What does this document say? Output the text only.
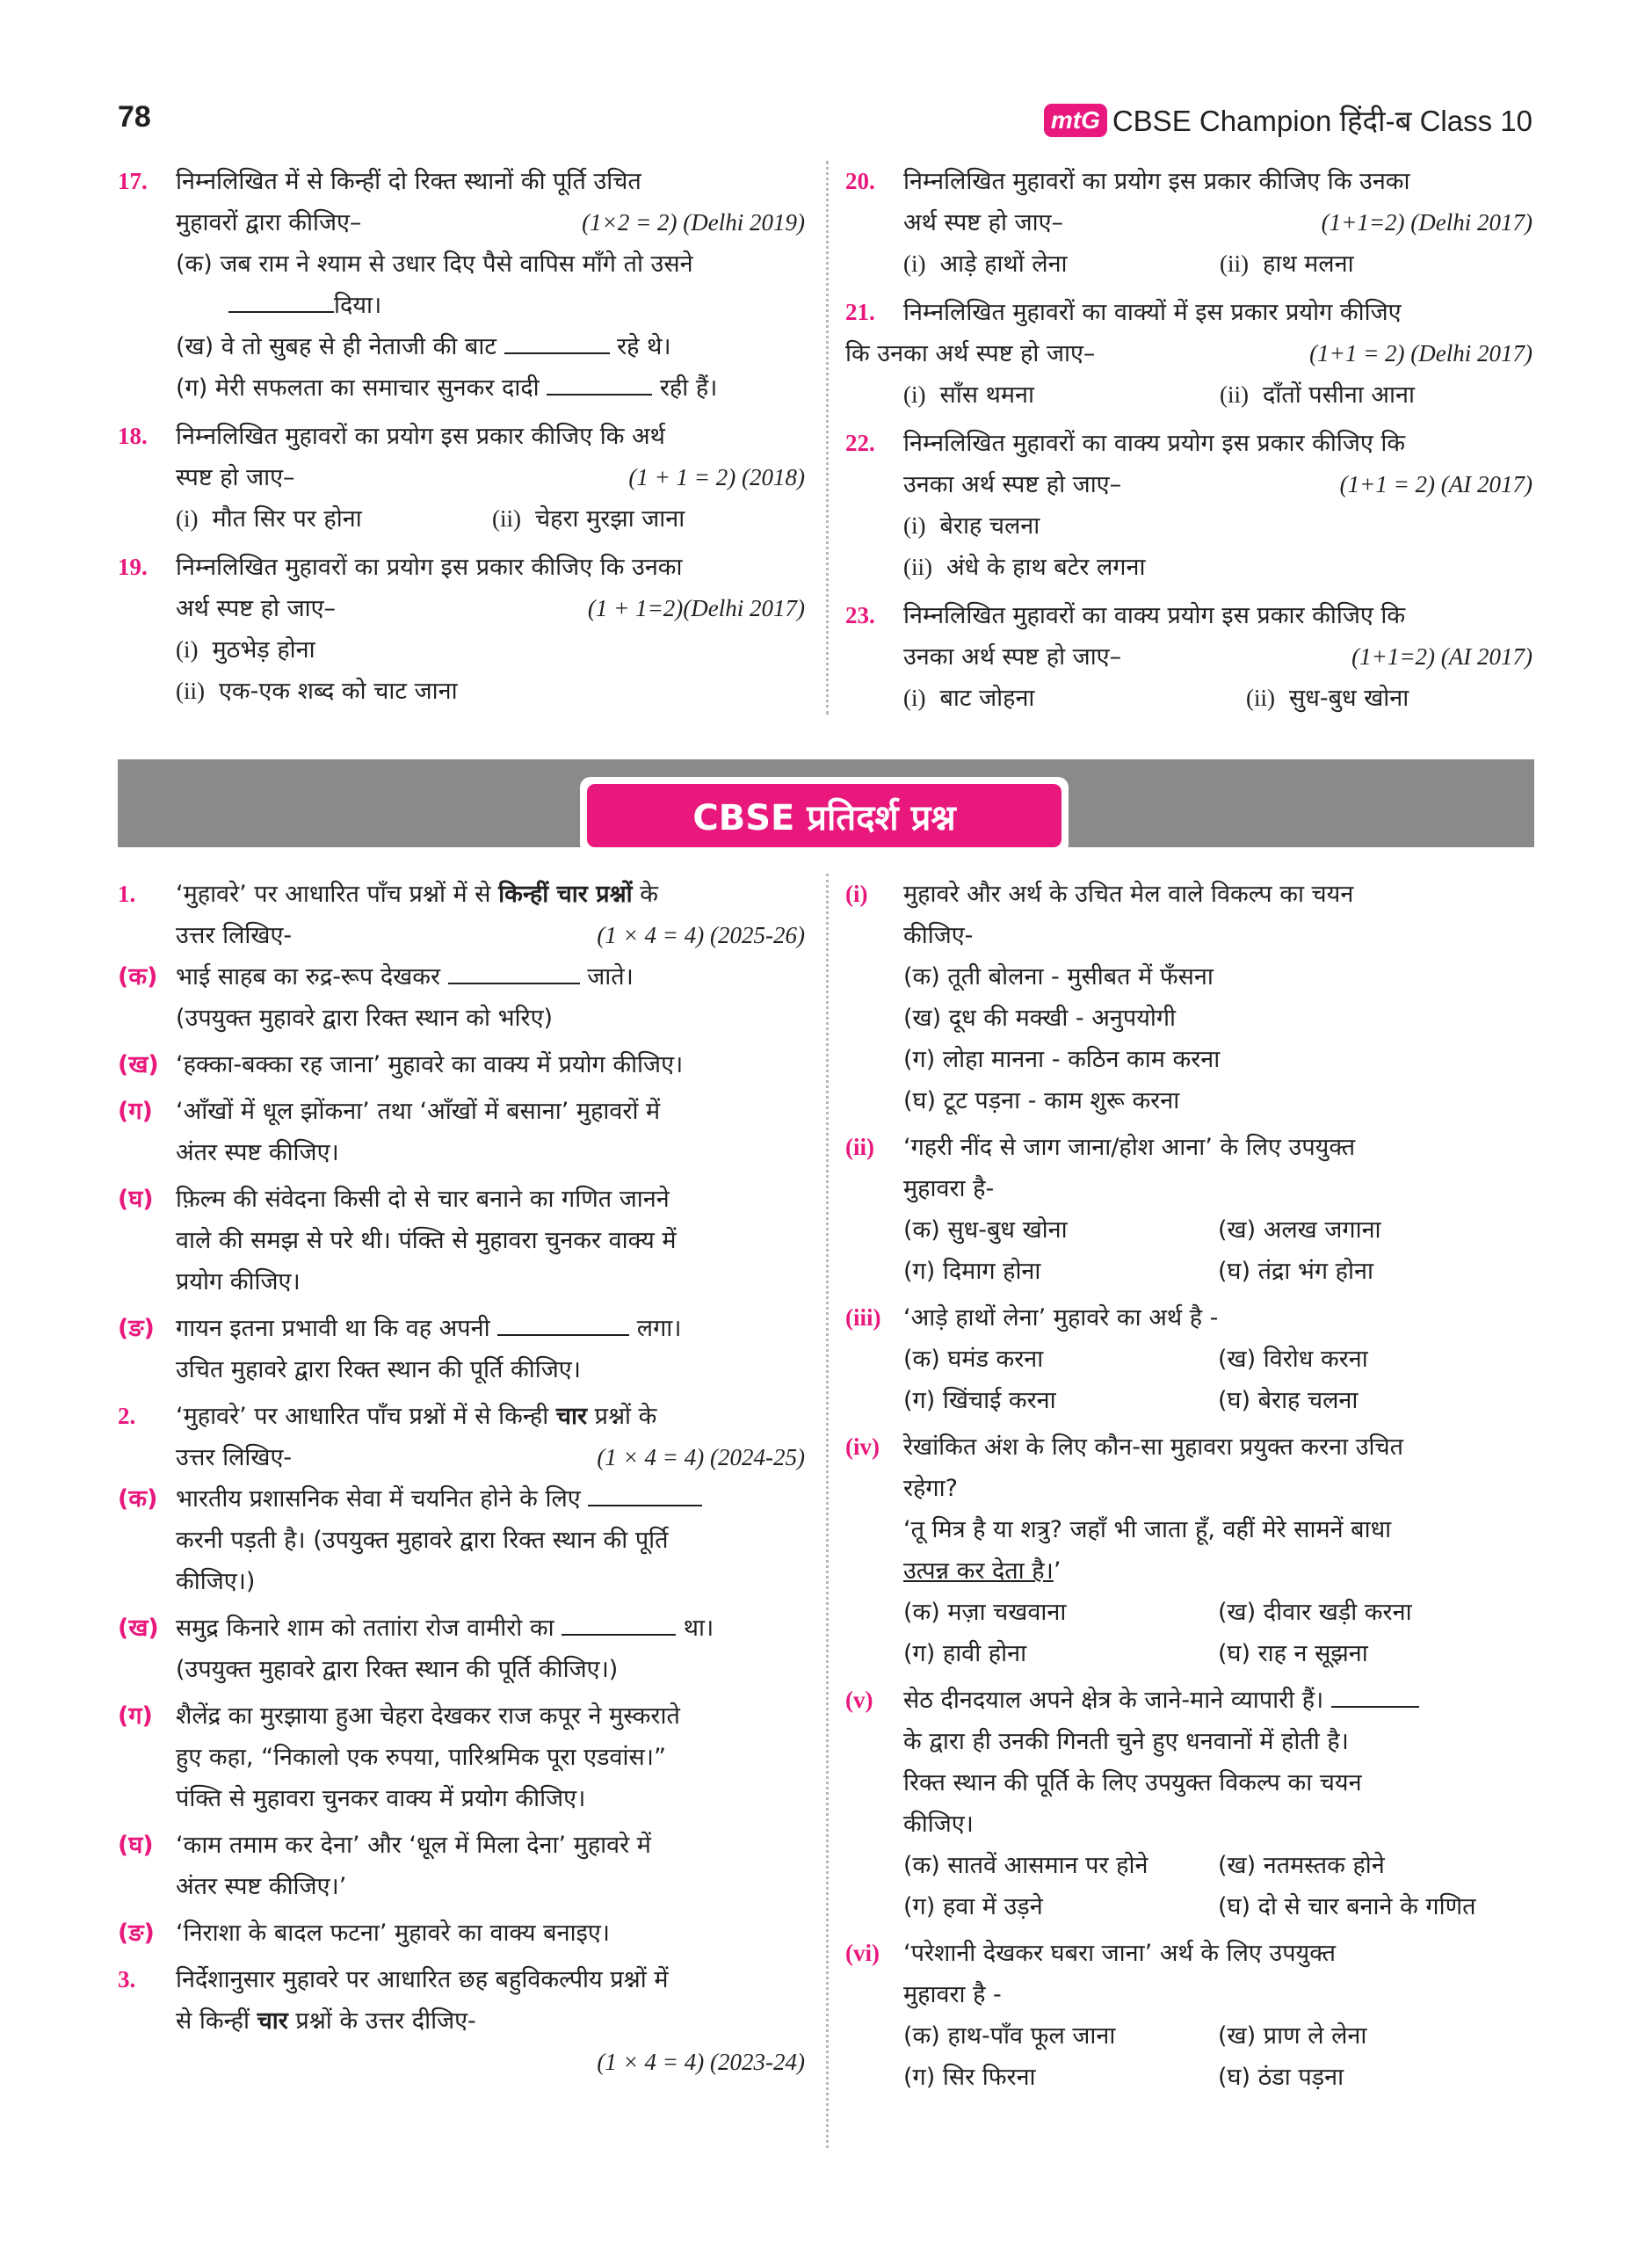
78	mtG CBSE Champion हिंदी-ब Class 10
17. निम्नलिखित में से किन्हीं दो रिक्त स्थानों की पूर्ति उचित
मुहावरों द्वारा कीजिए–	(1×2 = 2) (Delhi 2019)
(क) जब राम ने श्याम से उधार दिए पैसे वापिस माँगे तो उसने
दिया।
(ख) वे तो सुबह से ही नेताजी की बाट	रहे थे।
(ग) मेरी सफलता का समाचार सुनकर दादी	रही हैं।
18. निम्नलिखित मुहावरों का प्रयोग इस प्रकार कीजिए कि अर्थ
स्पष्ट हो जाए–	(1 + 1 = 2) (2018)
(i) मौत सिर पर होना	(ii) चेहरा मुरझा जाना
19. निम्नलिखित मुहावरों का प्रयोग इस प्रकार कीजिए कि उनका
अर्थ स्पष्ट हो जाए–	(1 + 1=2)(Delhi 2017)
(i) मुठभेड़ होना
(ii) एक-एक शब्द को चाट जाना
20. निम्नलिखित मुहावरों का प्रयोग इस प्रकार कीजिए कि उनका
अर्थ स्पष्ट हो जाए–	(1+1=2) (Delhi 2017)
(i) आड़े हाथों लेना	(ii) हाथ मलना
21. निम्नलिखित मुहावरों का वाक्यों में इस प्रकार प्रयोग कीजिए
कि उनका अर्थ स्पष्ट हो जाए–	(1+1 = 2) (Delhi 2017)
(i) साँस थमना	(ii) दाँतों पसीना आना
22. निम्नलिखित मुहावरों का वाक्य प्रयोग इस प्रकार कीजिए कि
उनका अर्थ स्पष्ट हो जाए–	(1+1 = 2) (AI 2017)
(i) बेराह चलना
(ii) अंधे के हाथ बटेर लगना
23. निम्नलिखित मुहावरों का वाक्य प्रयोग इस प्रकार कीजिए कि
उनका अर्थ स्पष्ट हो जाए–	(1+1=2) (AI 2017)
(i) बाट जोहना	(ii) सुध-बुध खोना
CBSE प्रतिदर्श प्रश्न
1. ‘मुहावरे’ पर आधारित पाँच प्रश्नों में से किन्हीं चार प्रश्नों के
उत्तर लिखिए-	(1 × 4 = 4) (2025-26)
(क) भाई साहब का रुद्र-रूप देखकर	जाते।
(उपयुक्त मुहावरे द्वारा रिक्त स्थान को भरिए)
(ख) ‘हक्का-बक्का रह जाना’ मुहावरे का वाक्य में प्रयोग कीजिए।
(ग) ‘आँखों में धूल झोंकना’ तथा ‘आँखों में बसाना’ मुहावरों में
अंतर स्पष्ट कीजिए।
(घ) फ़िल्म की संवेदना किसी दो से चार बनाने का गणित जानने
वाले की समझ से परे थी। पंक्ति से मुहावरा चुनकर वाक्य में
प्रयोग कीजिए।
(ङ) गायन इतना प्रभावी था कि वह अपनी	लगा।
उचित मुहावरे द्वारा रिक्त स्थान की पूर्ति कीजिए।
2. ‘मुहावरे’ पर आधारित पाँच प्रश्नों में से किन्ही चार प्रश्नों के
उत्तर लिखिए-	(1 × 4 = 4) (2024-25)
(क) भारतीय प्रशासनिक सेवा में चयनित होने के लिए
करनी पड़ती है। (उपयुक्त मुहावरे द्वारा रिक्त स्थान की पूर्ति
कीजिए।)
(ख) समुद्र किनारे शाम को तताांरा रोज वामीरो का	था।
(उपयुक्त मुहावरे द्वारा रिक्त स्थान की पूर्ति कीजिए।)
(ग) शैलेंद्र का मुरझाया हुआ चेहरा देखकर राज कपूर ने मुस्कराते
हुए कहा, “निकालो एक रुपया, पारिश्रमिक पूरा एडवांस।”
पंक्ति से मुहावरा चुनकर वाक्य में प्रयोग कीजिए।
(घ) ‘काम तमाम कर देना’ और ‘धूल में मिला देना’ मुहावरे में
अंतर स्पष्ट कीजिए।’
(ङ) ‘निराशा के बादल फटना’ मुहावरे का वाक्य बनाइए।
3. निर्देशानुसार मुहावरे पर आधारित छह बहुविकल्पीय प्रश्नों में
से किन्हीं चार प्रश्नों के उत्तर दीजिए-
(1 × 4 = 4) (2023-24)
(i) मुहावरे और अर्थ के उचित मेल वाले विकल्प का चयन
कीजिए-
(क) तूती बोलना - मुसीबत में फँसना
(ख) दूध की मक्खी - अनुपयोगी
(ग) लोहा मानना - कठिन काम करना
(घ) टूट पड़ना - काम शुरू करना
(ii) ‘गहरी नींद से जाग जाना/होश आना’ के लिए उपयुक्त
मुहावरा है-
(क) सुध-बुध खोना	(ख) अलख जगाना
(ग) दिमाग होना	(घ) तंद्रा भंग होना
(iii) ‘आड़े हाथों लेना’ मुहावरे का अर्थ है -
(क) घमंड करना	(ख) विरोध करना
(ग) खिंचाई करना	(घ) बेराह चलना
(iv) रेखांकित अंश के लिए कौन-सा मुहावरा प्रयुक्त करना उचित
रहेगा?
‘तू मित्र है या शत्रु? जहाँ भी जाता हूँ, वहीं मेरे सामनें बाधा
उत्पन्न कर देता है।’
(क) मज़ा चखवाना	(ख) दीवार खड़ी करना
(ग) हावी होना	(घ) राह न सूझना
(v) सेठ दीनदयाल अपने क्षेत्र के जाने-माने व्यापारी हैं।
के द्वारा ही उनकी गिनती चुने हुए धनवानों में होती है।
रिक्त स्थान की पूर्ति के लिए उपयुक्त विकल्प का चयन
कीजिए।
(क) सातवें आसमान पर होने	(ख) नतमस्तक होने
(ग) हवा में उड़ने	(घ) दो से चार बनाने के गणित
(vi) ‘परेशानी देखकर घबरा जाना’ अर्थ के लिए उपयुक्त
मुहावरा है -
(क) हाथ-पाँव फूल जाना	(ख) प्राण ले लेना
(ग) सिर फिरना	(घ) ठंडा पड़ना
